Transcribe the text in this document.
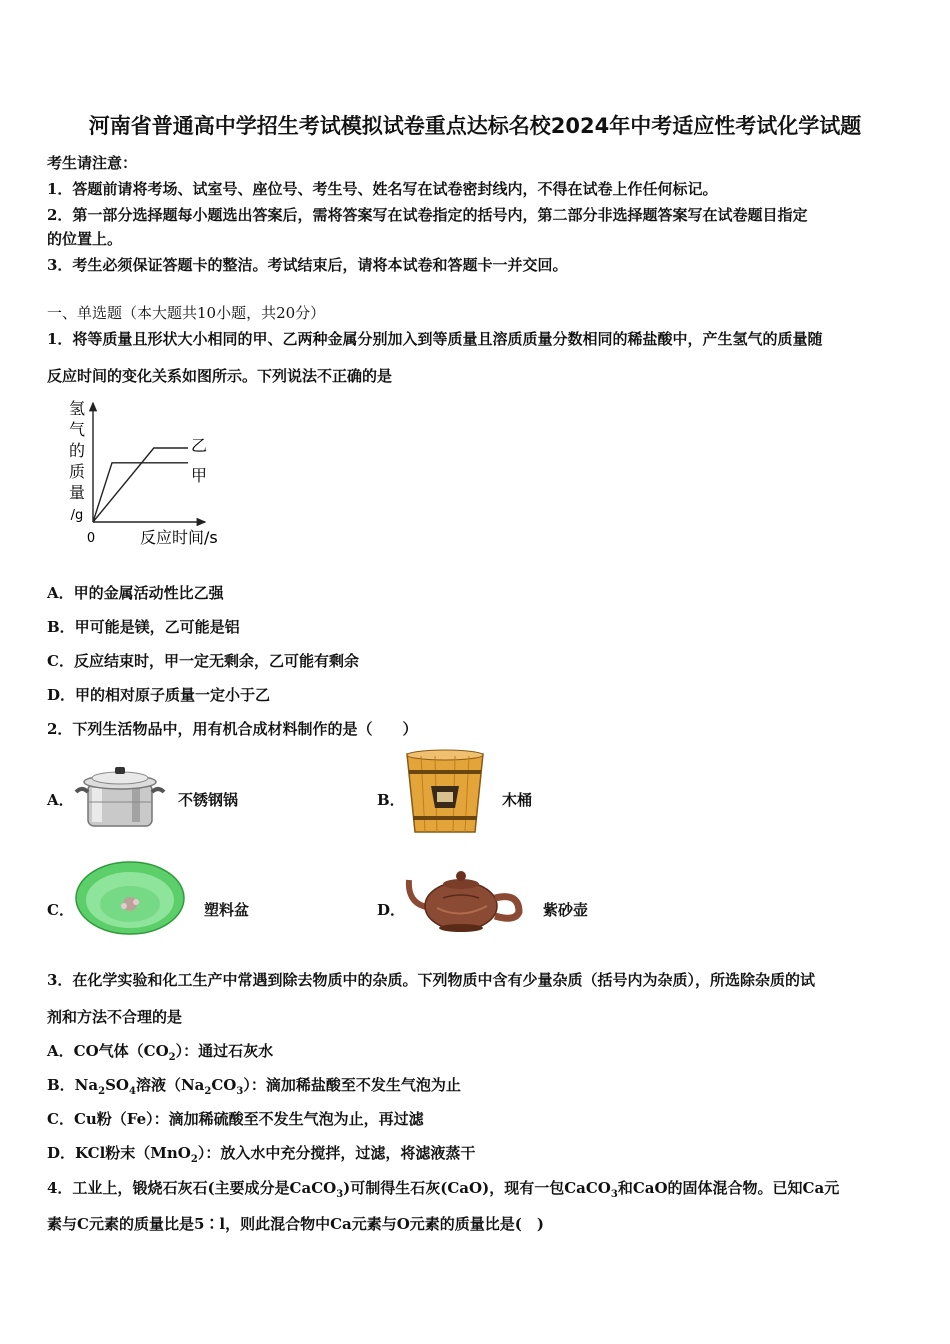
河南省普通高中学招生考试模拟试卷重点达标名校2024年中考适应性考试化学试题
考生请注意：
1．答题前请将考场、试室号、座位号、考生号、姓名写在试卷密封线内，不得在试卷上作任何标记。
2．第一部分选择题每小题选出答案后，需将答案写在试卷指定的括号内，第二部分非选择题答案写在试卷题目指定
的位置上。
3．考生必须保证答题卡的整洁。考试结束后，请将本试卷和答题卡一并交回。
一、单选题（本大题共10小题，共20分）
1．将等质量且形状大小相同的甲、乙两种金属分别加入到等质量且溶质质量分数相同的稀盐酸中，产生氢气的质量随
反应时间的变化关系如图所示。下列说法不正确的是
氢
气
的
质
量
/g
乙
甲
0	反应时间/s
A．甲的金属活动性比乙强
B．甲可能是镁，乙可能是铝
C．反应结束时，甲一定无剩余，乙可能有剩余
D．甲的相对原子质量一定小于乙
2．下列生活物品中，用有机合成材料制作的是（　　）
A．	不锈钢锅	B．	木桶
C．	塑料盆	D．	紫砂壶
3．在化学实验和化工生产中常遇到除去物质中的杂质。下列物质中含有少量杂质（括号内为杂质），所选除杂质的试
剂和方法不合理的是
A．CO气体$(CO_2)$：通过石灰水
B．$Na_2SO_4$溶液$(Na_2CO_3)$：滴加稀盐酸至不发生气泡为止
C．Cu粉（Fe）：滴加稀硫酸至不发生气泡为止，再过滤
D．KCl粉末（MnO$_2$）：放入水中充分搅拌，过滤，将滤液蒸干
4．工业上，锻烧石灰石(主要成分是CaCO$_3$)可制得生石灰(CaO)，现有一包CaCO$_3$和CaO的固体混合物。已知Ca元
素与C元素的质量比是5∶l，则此混合物中Ca元素与O元素的质量比是(　)
